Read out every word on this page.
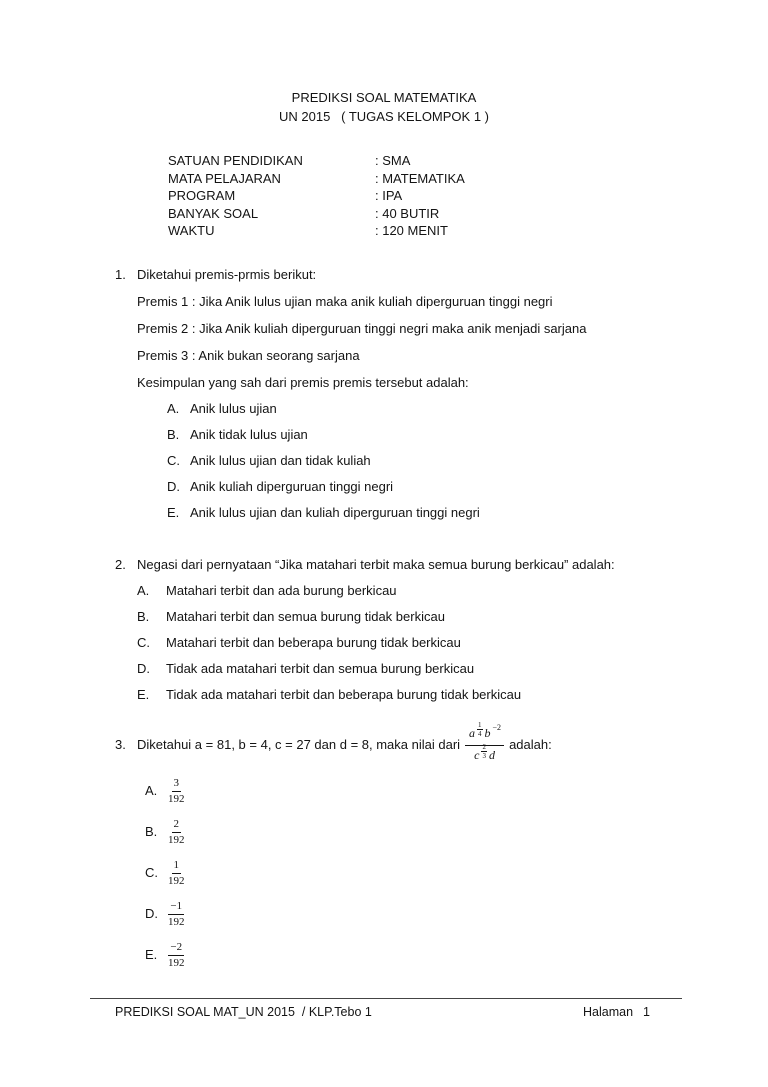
PREDIKSI SOAL MATEMATIKA
UN 2015   ( TUGAS KELOMPOK 1 )
SATUAN PENDIDIKAN	: SMA
MATA PELAJARAN	: MATEMATIKA
PROGRAM	: IPA
BANYAK SOAL	: 40 BUTIR
WAKTU	: 120 MENIT
1. Diketahui premis-prmis berikut:

Premis 1 : Jika Anik lulus ujian maka anik kuliah diperguruan tinggi negri

Premis 2 : Jika Anik kuliah diperguruan tinggi negri maka anik menjadi sarjana

Premis 3 : Anik bukan seorang sarjana

Kesimpulan yang sah dari premis premis tersebut adalah:

A. Anik lulus ujian
B. Anik tidak lulus ujian
C. Anik lulus ujian dan tidak kuliah
D. Anik kuliah diperguruan tinggi negri
E. Anik lulus ujian dan kuliah diperguruan tinggi negri
2. Negasi dari pernyataan “Jika matahari terbit maka semua burung berkicau” adalah:
A.	Matahari terbit dan ada burung berkicau
B.	Matahari terbit dan semua burung tidak berkicau
C.	Matahari terbit dan beberapa burung tidak berkicau
D.	Tidak ada matahari terbit dan semua burung berkicau
E.	Tidak ada matahari terbit dan beberapa burung tidak berkicau
3. Diketahui a = 81, b = 4, c = 27 dan d = 8, maka nilai dari a
1
4 b −2
c
2
3 d adalah:
A. $\frac{3}{192}$
B. $\frac{2}{192}$
C. $\frac{1}{192}$
D. $\frac{-1}{192}$
E. $\frac{-2}{192}$
PREDIKSI SOAL MAT_UN 2015  / KLP.Tebo 1	Halaman 1
